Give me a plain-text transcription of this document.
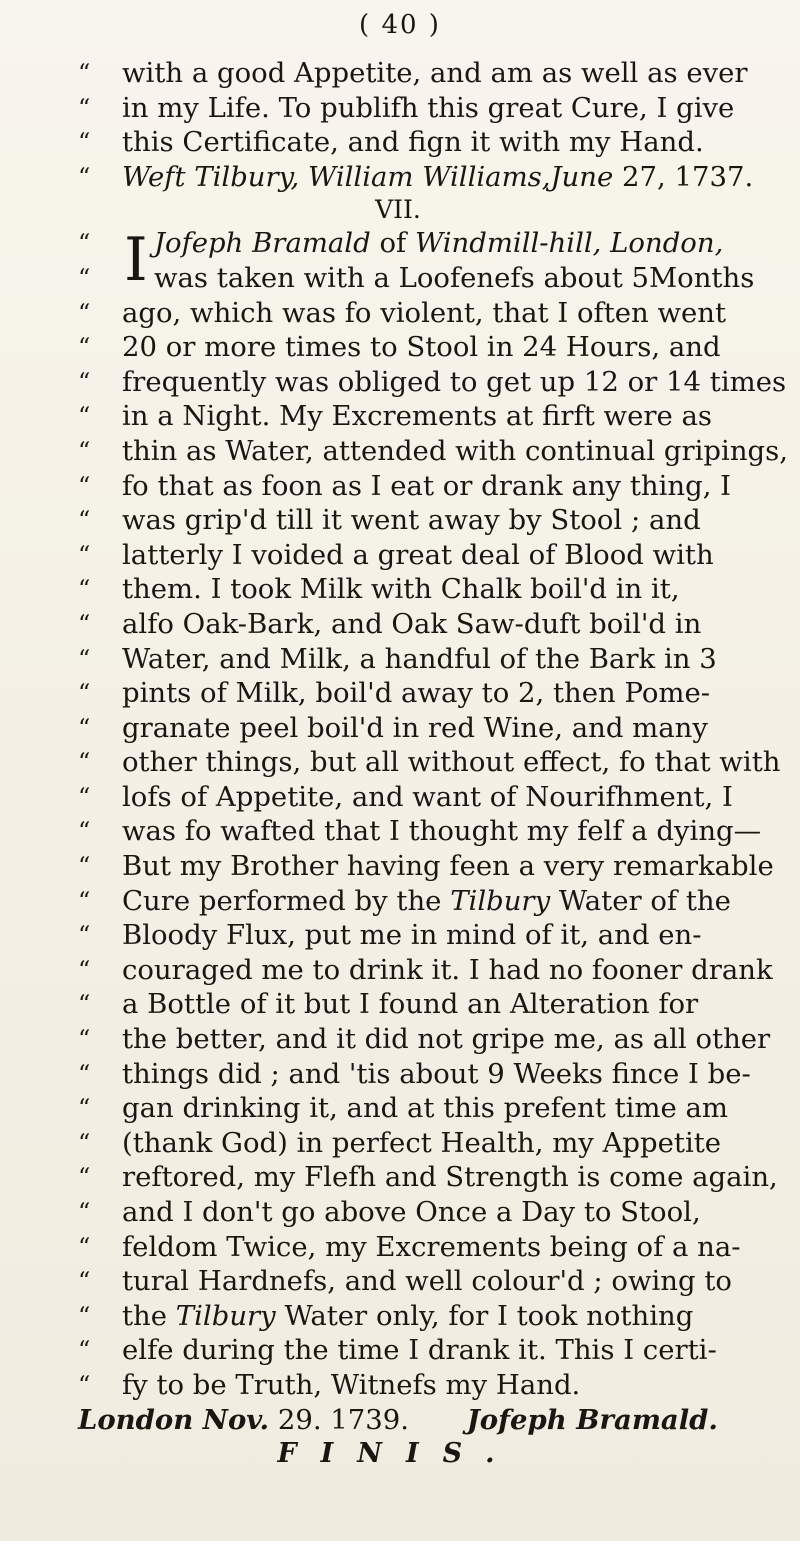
( 40 )
“ with a good Appetite, and am as well as ever
“ in my Life. To publifh this great Cure, I give
“ this Certificate, and fign it with my Hand.
“ Weft Tilbury, William Williams,June 27, 1737.
VII.
“ I Jofeph Bramald of Windmill-hill, London,
“ was taken with a Loofenefs about 5Months
“ ago, which was fo violent, that I often went
“ 20 or more times to Stool in 24 Hours, and
“ frequently was obliged to get up 12 or 14 times
“ in a Night. My Excrements at firft were as
“ thin as Water, attended with continual gripings,
“ fo that as foon as I eat or drank any thing, I
“ was grip'd till it went away by Stool ; and
“ latterly I voided a great deal of Blood with
“ them. I took Milk with Chalk boil'd in it,
“ alfo Oak-Bark, and Oak Saw-duft boil'd in
“ Water, and Milk, a handful of the Bark in 3
“ pints of Milk, boil'd away to 2, then Pome-
“ granate peel boil'd in red Wine, and many
“ other things, but all without effect, fo that with
“ lofs of Appetite, and want of Nourifhment, I
“ was fo wafted that I thought my felf a dying—
“ But my Brother having feen a very remarkable
“ Cure performed by the Tilbury Water of the
“ Bloody Flux, put me in mind of it, and en-
“ couraged me to drink it. I had no fooner drank
“ a Bottle of it but I found an Alteration for
“ the better, and it did not gripe me, as all other
“ things did ; and 'tis about 9 Weeks fince I be-
“ gan drinking it, and at this prefent time am
“ (thank God) in perfect Health, my Appetite
“ reftored, my Flefh and Strength is come again,
“ and I don't go above Once a Day to Stool,
“ feldom Twice, my Excrements being of a na-
“ tural Hardnefs, and well colour'd ; owing to
“ the Tilbury Water only, for I took nothing
“ elfe during the time I drank it. This I certi-
“ fy to be Truth, Witnefs my Hand.
London Nov. 29. 1739. Jofeph Bramald.
FINIS.
